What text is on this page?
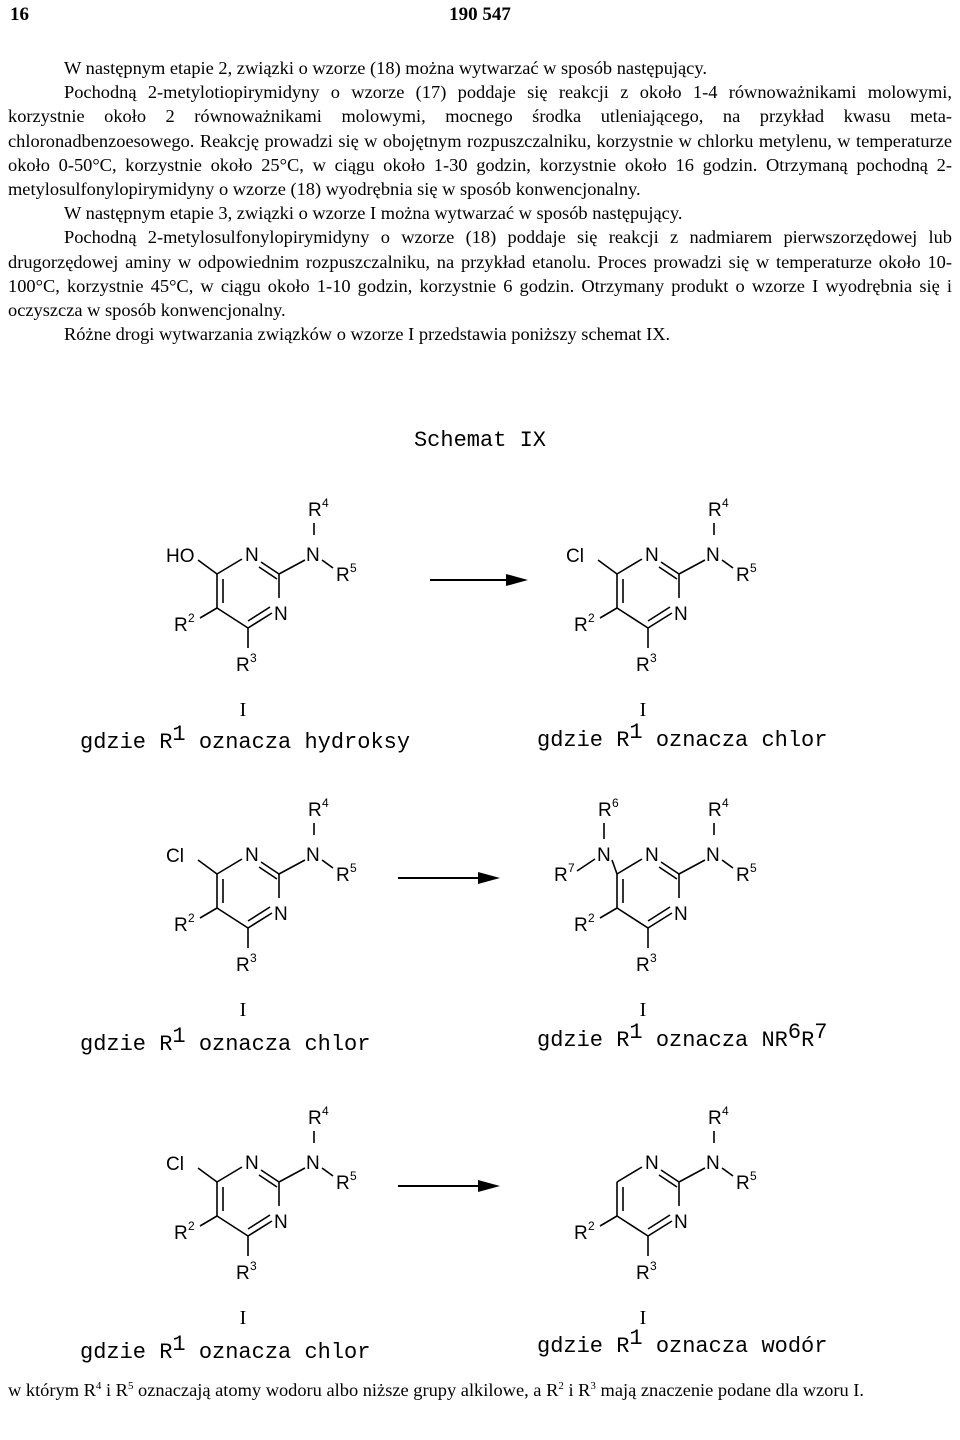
16	190 547

W następnym etapie 2, związki o wzorze (18) można wytwarzać w sposób następujący.

Pochodną 2-metylotiopirymidyny o wzorze (17) poddaje się reakcji z około 1-4 równoważnikami molowymi, korzystnie około 2 równoważnikami molowymi, mocnego środka utleniającego, na przykład kwasu meta-chloronadbenzoesowego. Reakcję prowadzi się w obojętnym rozpuszczalniku, korzystnie w chlorku metylenu, w temperaturze około 0-50°C, korzystnie około 25°C, w ciągu około 1-30 godzin, korzystnie około 16 godzin. Otrzymaną pochodną 2-metylosulfonylopirymidyny o wzorze (18) wyodrębnia się w sposób konwencjonalny.

W następnym etapie 3, związki o wzorze I można wytwarzać w sposób następujący.

Pochodną 2-metylosulfonylopirymidyny o wzorze (18) poddaje się reakcji z nadmiarem pierwszorzędowej lub drugorzędowej aminy w odpowiednim rozpuszczalniku, na przykład etanolu. Proces prowadzi się w temperaturze około 10-100°C, korzystnie 45°C, w ciągu około 1-10 godzin, korzystnie 6 godzin. Otrzymany produkt o wzorze I wyodrębnia się i oczyszcza w sposób konwencjonalny.

Różne drogi wytwarzania związków o wzorze I przedstawia poniższy schemat IX.

Schemat IX
R 4
N
R 5
N
N
R 3
R 2
HO
I
R 4
N
R 5
N
N
R 3
R 2
Cl
I
R 4
N
R 5
N
N
R 3
R 2
Cl
I
R 4
N
R 5
N
N
R 3
R 2
N
R 6
R 7
I
R 4
N
R 5
N
N
R 3
R 2
Cl
I
R 4
N
R 5
N
N
R 3
R 2
I
gdzie R1 oznacza hydroksy	gdzie R1 oznacza chlor
gdzie R1 oznacza chlor	gdzie R1 oznacza NR6R7
gdzie R1 oznacza chlor	gdzie R1 oznacza wodór
w którym $R^4$ i $R^5$ oznaczają atomy wodoru albo niższe grupy alkilowe, a $R^2$ i $R^3$ mają znaczenie podane dla wzoru I.
